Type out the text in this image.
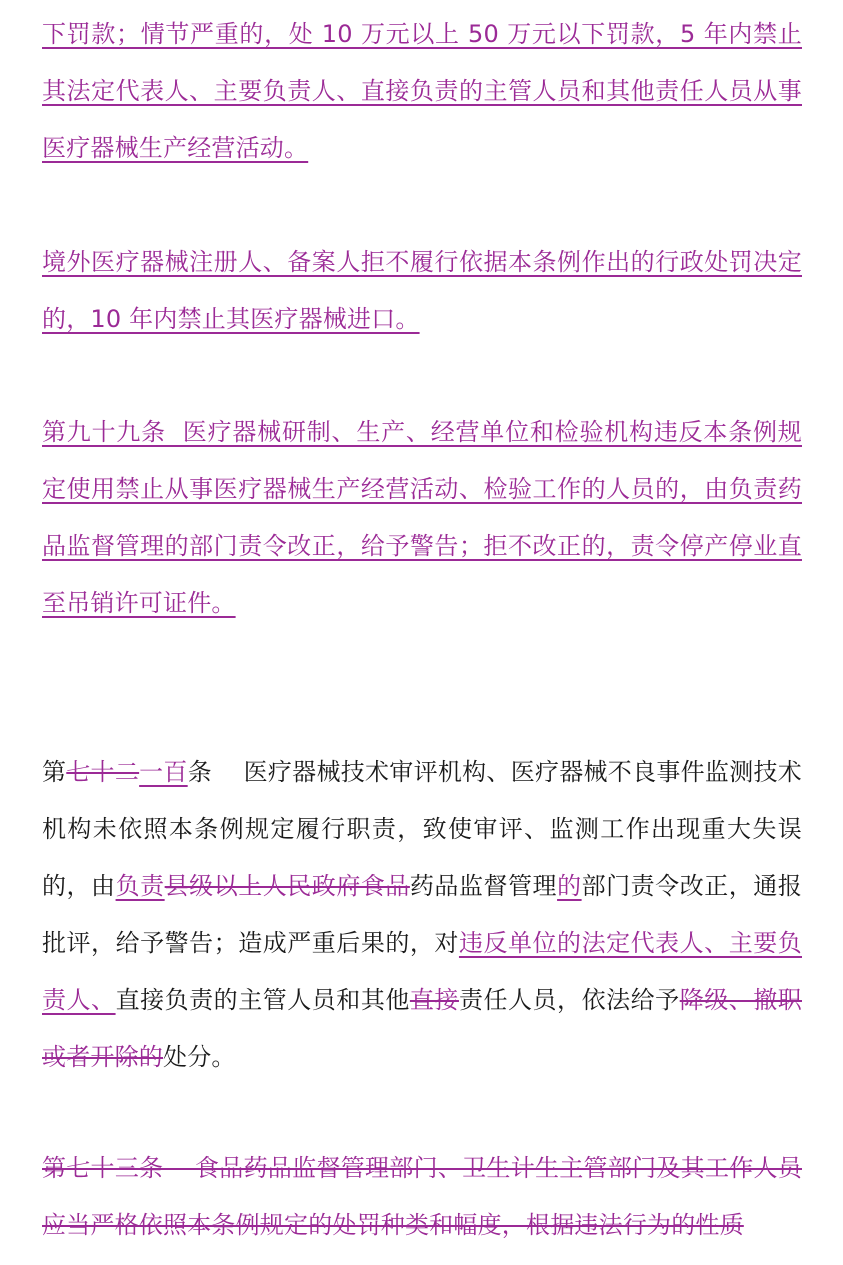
下罚款；情节严重的，处 10 万元以上 50 万元以下罚款，5 年内禁止其法定代表人、主要负责人、直接负责的主管人员和其他责任人员从事医疗器械生产经营活动。

境外医疗器械注册人、备案人拒不履行依据本条例作出的行政处罚决定的，10 年内禁止其医疗器械进口。

第九十九条  医疗器械研制、生产、经营单位和检验机构违反本条例规定使用禁止从事医疗器械生产经营活动、检验工作的人员的，由负责药品监督管理的部门责令改正，给予警告；拒不改正的，责令停产停业直至吊销许可证件。

第七十二一百条    医疗器械技术审评机构、医疗器械不良事件监测技术机构未依照本条例规定履行职责，致使审评、监测工作出现重大失误的，由负责县级以上人民政府食品药品监督管理的部门责令改正，通报批评，给予警告；造成严重后果的，对违反单位的法定代表人、主要负责人、直接负责的主管人员和其他直接责任人员，依法给予降级、撤职或者开除的处分。

第七十三条    食品药品监督管理部门、卫生计生主管部门及其工作人员应当严格依照本条例规定的处罚种类和幅度，根据违法行为的性质
